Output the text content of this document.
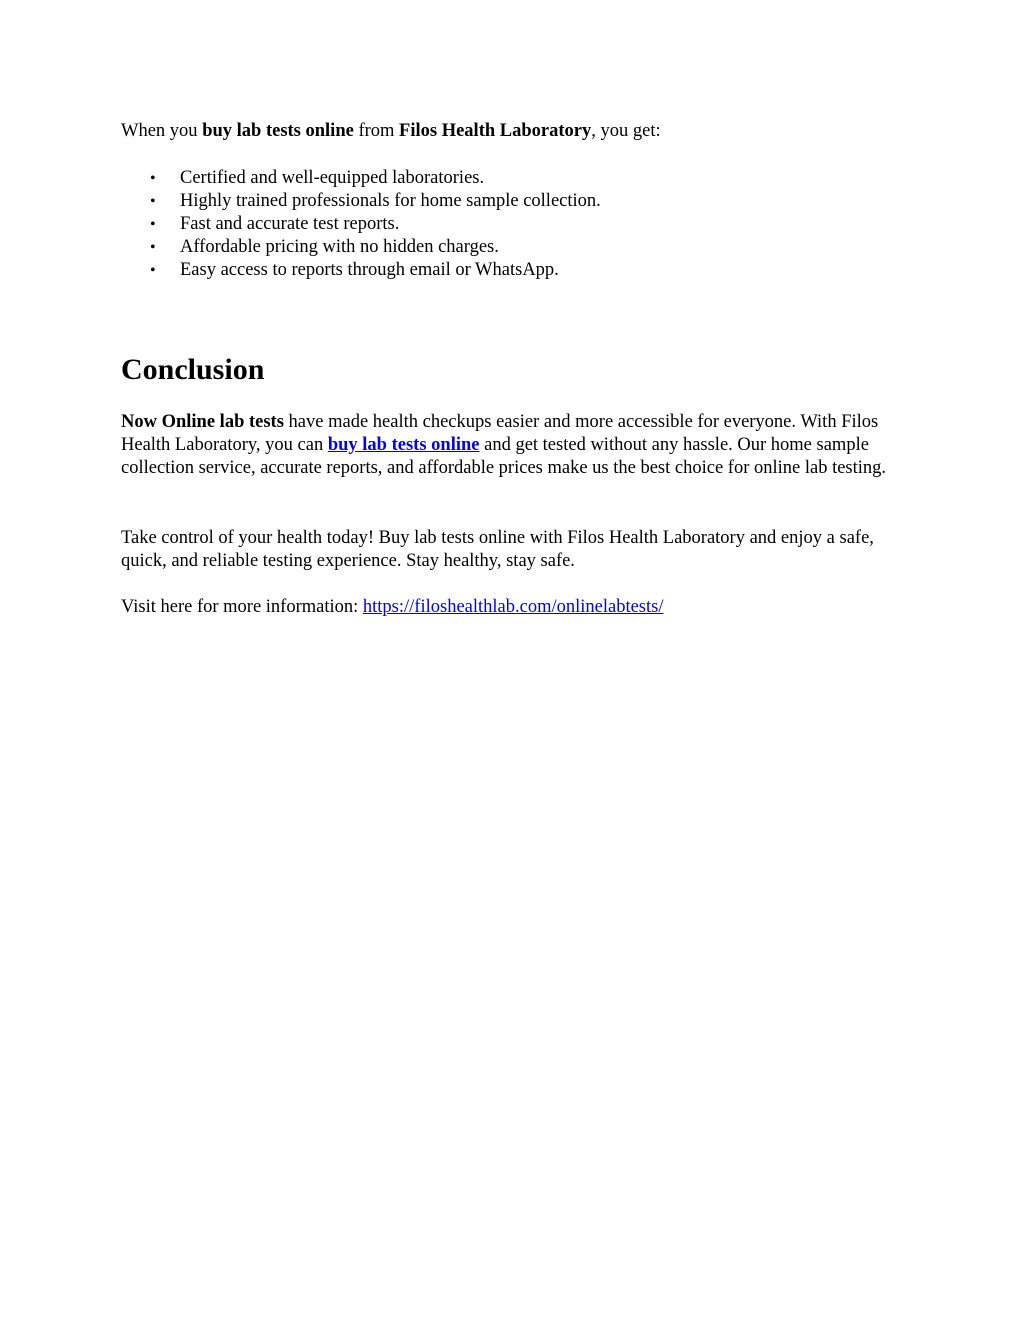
When you buy lab tests online from Filos Health Laboratory, you get:

• Certified and well-equipped laboratories.
• Highly trained professionals for home sample collection.
• Fast and accurate test reports.
• Affordable pricing with no hidden charges.
• Easy access to reports through email or WhatsApp.
Conclusion

Now Online lab tests have made health checkups easier and more accessible for everyone. With Filos Health Laboratory, you can buy lab tests online and get tested without any hassle. Our home sample collection service, accurate reports, and affordable prices make us the best choice for online lab testing.

Take control of your health today! Buy lab tests online with Filos Health Laboratory and enjoy a safe, quick, and reliable testing experience. Stay healthy, stay safe.

Visit here for more information: https://filoshealthlab.com/onlinelabtests/
